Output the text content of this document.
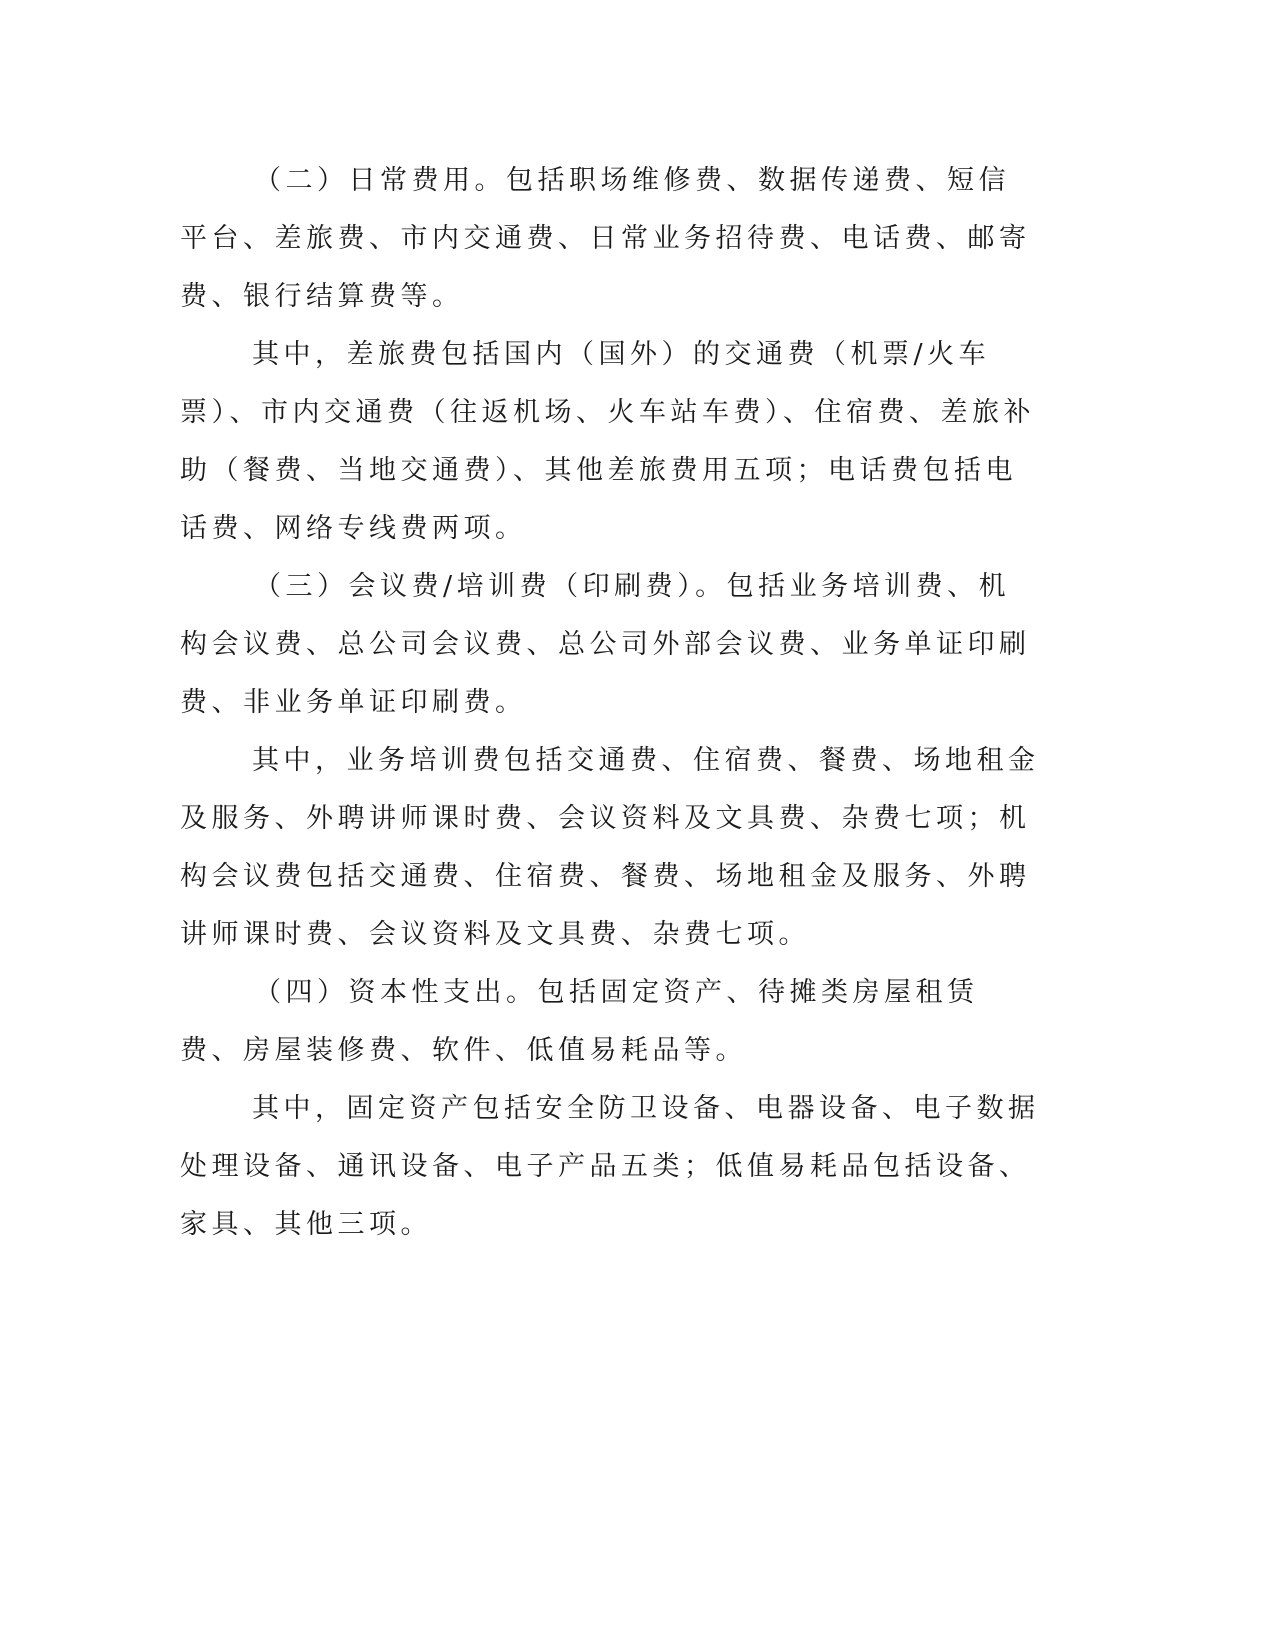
（二）日常费用。包括职场维修费、数据传递费、短信平台、差旅费、市内交通费、日常业务招待费、电话费、邮寄费、银行结算费等。

其中，差旅费包括国内（国外）的交通费（机票/火车票）、市内交通费（往返机场、火车站车费）、住宿费、差旅补助（餐费、当地交通费）、其他差旅费用五项；电话费包括电话费、网络专线费两项。

（三）会议费/培训费（印刷费）。包括业务培训费、机构会议费、总公司会议费、总公司外部会议费、业务单证印刷费、非业务单证印刷费。

其中，业务培训费包括交通费、住宿费、餐费、场地租金及服务、外聘讲师课时费、会议资料及文具费、杂费七项；机构会议费包括交通费、住宿费、餐费、场地租金及服务、外聘讲师课时费、会议资料及文具费、杂费七项。

（四）资本性支出。包括固定资产、待摊类房屋租赁费、房屋装修费、软件、低值易耗品等。

其中，固定资产包括安全防卫设备、电器设备、电子数据处理设备、通讯设备、电子产品五类；低值易耗品包括设备、家具、其他三项。
